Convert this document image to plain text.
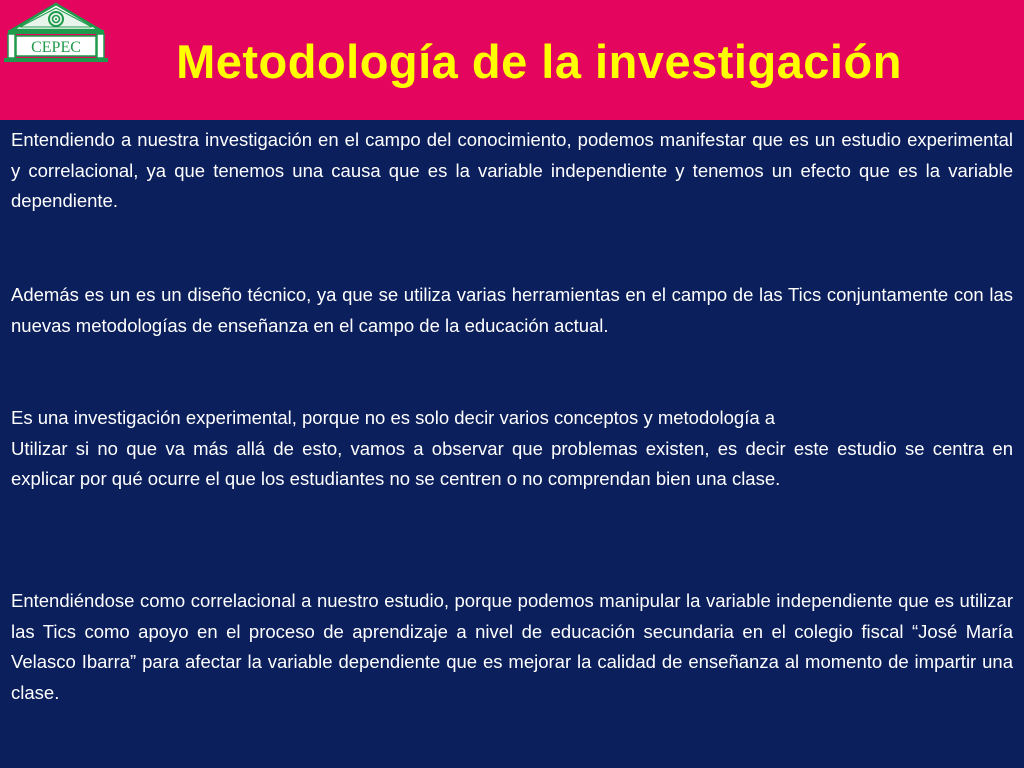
CEPEC	Metodología de la investigación

Entendiendo a nuestra investigación en el campo del conocimiento, podemos manifestar que es un estudio experimental y correlacional, ya que tenemos una causa que es la variable independiente y tenemos un efecto que es la variable dependiente.

Además es un es un diseño técnico, ya que se utiliza varias herramientas en el campo de las Tics conjuntamente con las nuevas metodologías de enseñanza en el campo de la educación actual.

Es una investigación experimental, porque no es solo decir varios conceptos y metodología a
Utilizar si no que va más allá de esto, vamos a observar que problemas existen, es decir este estudio se centra en explicar por qué ocurre el que los estudiantes no se centren o no comprendan bien una clase.

Entendiéndose como correlacional a nuestro estudio, porque podemos manipular la variable independiente que es utilizar las Tics como apoyo en el proceso de aprendizaje a nivel de educación secundaria en el colegio fiscal “José María Velasco Ibarra” para afectar la variable dependiente que es mejorar la calidad de enseñanza al momento de impartir una clase.
